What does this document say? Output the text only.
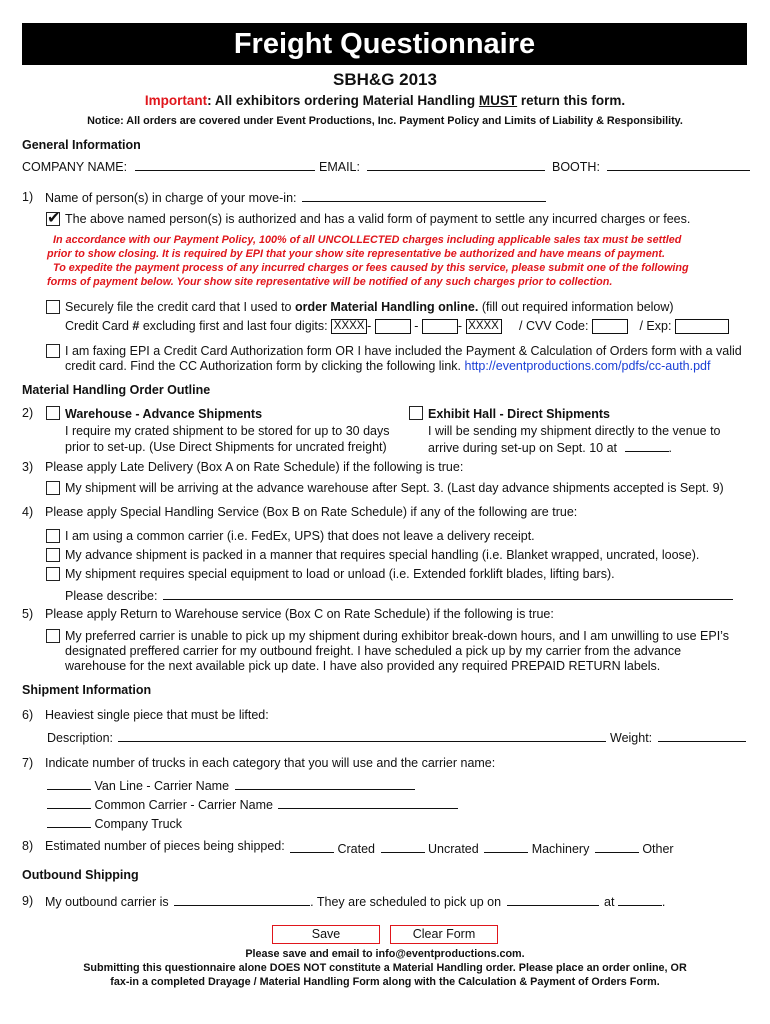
Freight Questionnaire
SBH&G 2013
Important: All exhibitors ordering Material Handling MUST return this form.
Notice: All orders are covered under Event Productions, Inc. Payment Policy and Limits of Liability & Responsibility.
General Information
COMPANY NAME:	EMAIL:	BOOTH:
1) Name of person(s) in charge of your move-in:
✔
The above named person(s) is authorized and has a valid form of payment to settle any incurred charges or fees.
In accordance with our Payment Policy, 100% of all UNCOLLECTED charges including applicable sales tax must be settled
prior to show closing. It is required by EPI that your show site representative be authorized and have means of payment.
To expedite the payment process of any incurred charges or fees caused by this service, please submit one of the following
forms of payment below. Your show site representative will be notified of any such charges prior to collection.
Securely file the credit card that I used to order Material Handling online. (fill out required information below)
Credit Card # excluding first and last four digits: XXXX -	-	- XXXX / CVV Code:	/ Exp:
I am faxing EPI a Credit Card Authorization form OR I have included the Payment & Calculation of Orders form with a valid
credit card. Find the CC Authorization form by clicking the following link. http://eventproductions.com/pdfs/cc-auth.pdf
Material Handling Order Outline
2)	Warehouse - Advance Shipments
I require my crated shipment to be stored for up to 30 days
prior to set-up. (Use Direct Shipments for uncrated freight)
Exhibit Hall - Direct Shipments
I will be sending my shipment directly to the venue to
arrive during set-up on Sept. 10 at	.
3) Please apply Late Delivery (Box A on Rate Schedule) if the following is true:
My shipment will be arriving at the advance warehouse after Sept. 3. (Last day advance shipments accepted is Sept. 9)
4) Please apply Special Handling Service (Box B on Rate Schedule) if any of the following are true:
I am using a common carrier (i.e. FedEx, UPS) that does not leave a delivery receipt.
My advance shipment is packed in a manner that requires special handling (i.e. Blanket wrapped, uncrated, loose).
My shipment requires special equipment to load or unload (i.e. Extended forklift blades, lifting bars).
Please describe:
5) Please apply Return to Warehouse service (Box C on Rate Schedule) if the following is true:
My preferred carrier is unable to pick up my shipment during exhibitor break-down hours, and I am unwilling to use EPI’s
designated preffered carrier for my outbound freight. I have scheduled a pick up by my carrier from the advance
warehouse for the next available pick up date. I have also provided any required PREPAID RETURN labels.
Shipment Information
6) Heaviest single piece that must be lifted:
Description:	Weight:
7) Indicate number of trucks in each category that you will use and the carrier name:
Van Line - Carrier Name
Common Carrier - Carrier Name
Company Truck
8) Estimated number of pieces being shipped:	Crated	Uncrated	Machinery	Other
Outbound Shipping
9) My outbound carrier is	. They are scheduled to pick up on	at	.
Save	Clear Form
Please save and email to info@eventproductions.com.
Submitting this questionnaire alone DOES NOT constitute a Material Handling order. Please place an order online, OR
fax-in a completed Drayage / Material Handling Form along with the Calculation & Payment of Orders Form.
